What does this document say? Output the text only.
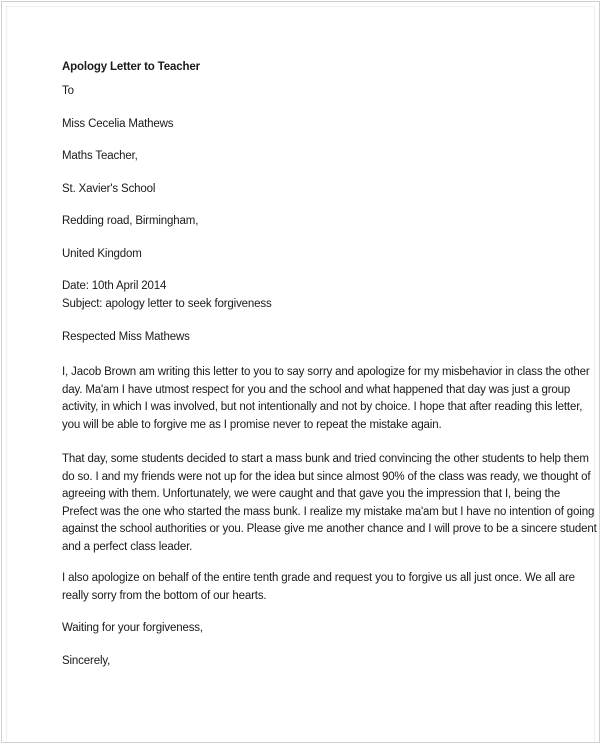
Apology Letter to Teacher
To
Miss Cecelia Mathews
Maths Teacher,
St. Xavier's School
Redding road, Birmingham,
United Kingdom
Date: 10th April 2014
Subject: apology letter to seek forgiveness
Respected Miss Mathews
I, Jacob Brown am writing this letter to you to say sorry and apologize for my misbehavior in class the other
day. Ma'am I have utmost respect for you and the school and what happened that day was just a group
activity, in which I was involved, but not intentionally and not by choice. I hope that after reading this letter,
you will be able to forgive me as I promise never to repeat the mistake again.
That day, some students decided to start a mass bunk and tried convincing the other students to help them
do so. I and my friends were not up for the idea but since almost 90% of the class was ready, we thought of
agreeing with them. Unfortunately, we were caught and that gave you the impression that I, being the
Prefect was the one who started the mass bunk. I realize my mistake ma'am but I have no intention of going
against the school authorities or you. Please give me another chance and I will prove to be a sincere student
and a perfect class leader.
I also apologize on behalf of the entire tenth grade and request you to forgive us all just once. We all are
really sorry from the bottom of our hearts.
Waiting for your forgiveness,
Sincerely,
